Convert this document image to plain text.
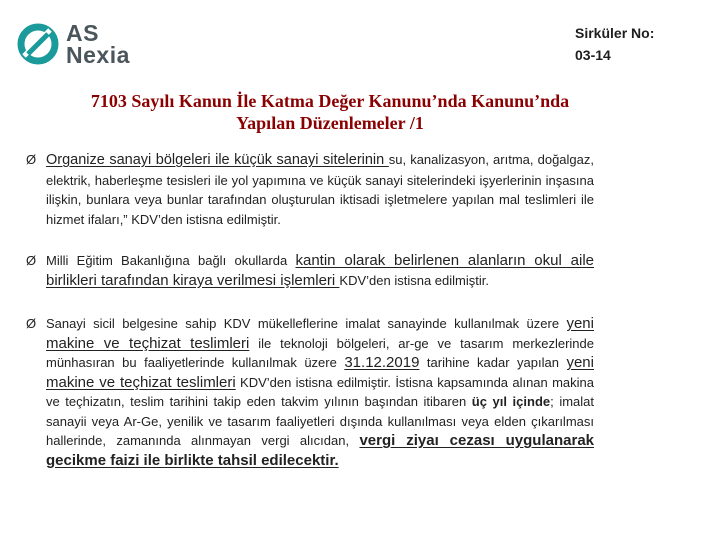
AS
Nexia
Sirküler No:
03-14
7103 Sayılı Kanun İle Katma Değer Kanunu’nda Kanunu’nda
Yapılan Düzenlemeler /1
Ø Organize sanayi bölgeleri ile küçük sanayi sitelerinin su, kanalizasyon, arıtma, doğalgaz, elektrik, haberleşme tesisleri ile yol yapımına ve küçük sanayi sitelerindeki işyerlerinin inşasına ilişkin, bunlara veya bunlar tarafından oluşturulan iktisadi işletmelere yapılan mal teslimleri ile hizmet ifaları,” KDV’den istisna edilmiştir.
Ø Milli Eğitim Bakanlığına bağlı okullarda kantin olarak belirlenen alanların okul aile birlikleri tarafından kiraya verilmesi işlemleri KDV’den istisna edilmiştir.
Ø Sanayi sicil belgesine sahip KDV mükelleflerine imalat sanayinde kullanılmak üzere yeni makine ve teçhizat teslimleri ile teknoloji bölgeleri, ar-ge ve tasarım merkezlerinde münhasıran bu faaliyetlerinde kullanılmak üzere 31.12.2019 tarihine kadar yapılan yeni makine ve teçhizat teslimleri KDV’den istisna edilmiştir. İstisna kapsamında alınan makina ve teçhizatın, teslim tarihini takip eden takvim yılının başından itibaren üç yıl içinde; imalat sanayii veya Ar-Ge, yenilik ve tasarım faaliyetleri dışında kullanılması veya elden çıkarılması hallerinde, zamanında alınmayan vergi alıcıdan, vergi ziyaı cezası uygulanarak gecikme faizi ile birlikte tahsil edilecektir.
